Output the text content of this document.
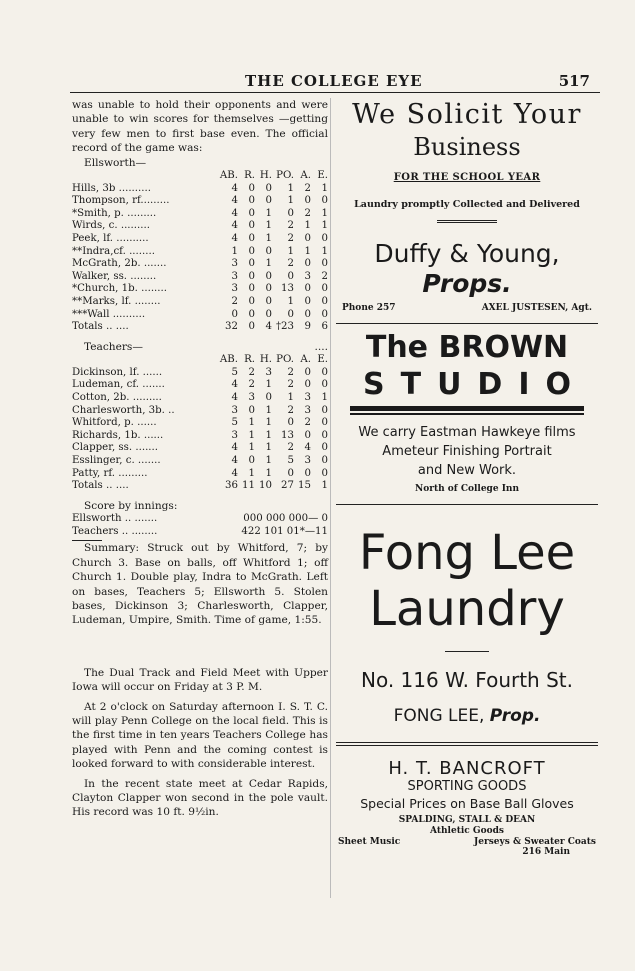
THE COLLEGE EYE	517

was unable to hold their opponents and were unable to win scores for themselves —getting very few men to first base even. The official record of the game was:

Ellsworth—
	AB.	R.	H.	PO.	A.	E.
Hills, 3b ..........	4	0	0	1	2	1
Thompson, rf.........	4	0	0	1	0	0
*Smith, p. .........	4	0	1	0	2	1
Wirds, c. .........	4	0	1	2	1	1
Peek, lf. ..........	4	0	1	2	0	0
**Indra,cf. ........	1	0	0	1	1	1
McGrath, 2b. .......	3	0	1	2	0	0
Walker, ss. ........	3	0	0	0	3	2
*Church, 1b. ........	3	0	0	13	0	0
**Marks, lf. ........	2	0	0	1	0	0
***Wall ..........	0	0	0	0	0	0
Totals .. ....	32	0	4	†23	9	6
Teachers—	....
	AB.	R.	H.	PO.	A.	E.
Dickinson, lf. ......	5	2	3	2	0	0
Ludeman, cf. .......	4	2	1	2	0	0
Cotton, 2b. .........	4	3	0	1	3	1
Charlesworth, 3b. ..	3	0	1	2	3	0
Whitford, p. ......	5	1	1	0	2	0
Richards, 1b. ......	3	1	1	13	0	0
Clapper, ss. .......	4	1	1	2	4	0
Esslinger, c. .......	4	0	1	5	3	0
Patty, rf. .........	4	1	1	0	0	0
Totals .. ....	36	11	10	27	15	1
Score by innings:
Ellsworth .. .......	000 000 000— 0
Teachers .. ........	422 101 01*—11

Summary: Struck out by Whitford, 7; by Church 3. Base on balls, off Whitford 1; off Church 1. Double play, Indra to McGrath. Left on bases, Teachers 5; Ellsworth 5. Stolen bases, Dickinson 3; Charlesworth, Clapper, Ludeman, Umpire, Smith. Time of game, 1:55.

The Dual Track and Field Meet with Upper Iowa will occur on Friday at 3 P. M.

At 2 o'clock on Saturday afternoon I. S. T. C. will play Penn College on the local field. This is the first time in ten years Teachers College has played with Penn and the coming contest is looked forward to with considerable interest.

In the recent state meet at Cedar Rapids, Clayton Clapper won second in the pole vault. His record was 10 ft. 9½in.

We Solicit Your
Business
FOR THE SCHOOL YEAR
Laundry promptly Collected and Delivered
Duffy & Young, Props.
Phone 257	AXEL JUSTESEN, Agt.
The BROWN
STUDIO
We carry Eastman Hawkeye films
Ameteur Finishing Portrait
and New Work.
North of College Inn
Fong Lee
Laundry
No. 116 W. Fourth St.
FONG LEE, Prop.
H. T. BANCROFT
SPORTING GOODS
Special Prices on Base Ball Gloves
SPALDING, STALL & DEAN
Athletic Goods
Sheet Music	Jerseys & Sweater Coats
216 Main
